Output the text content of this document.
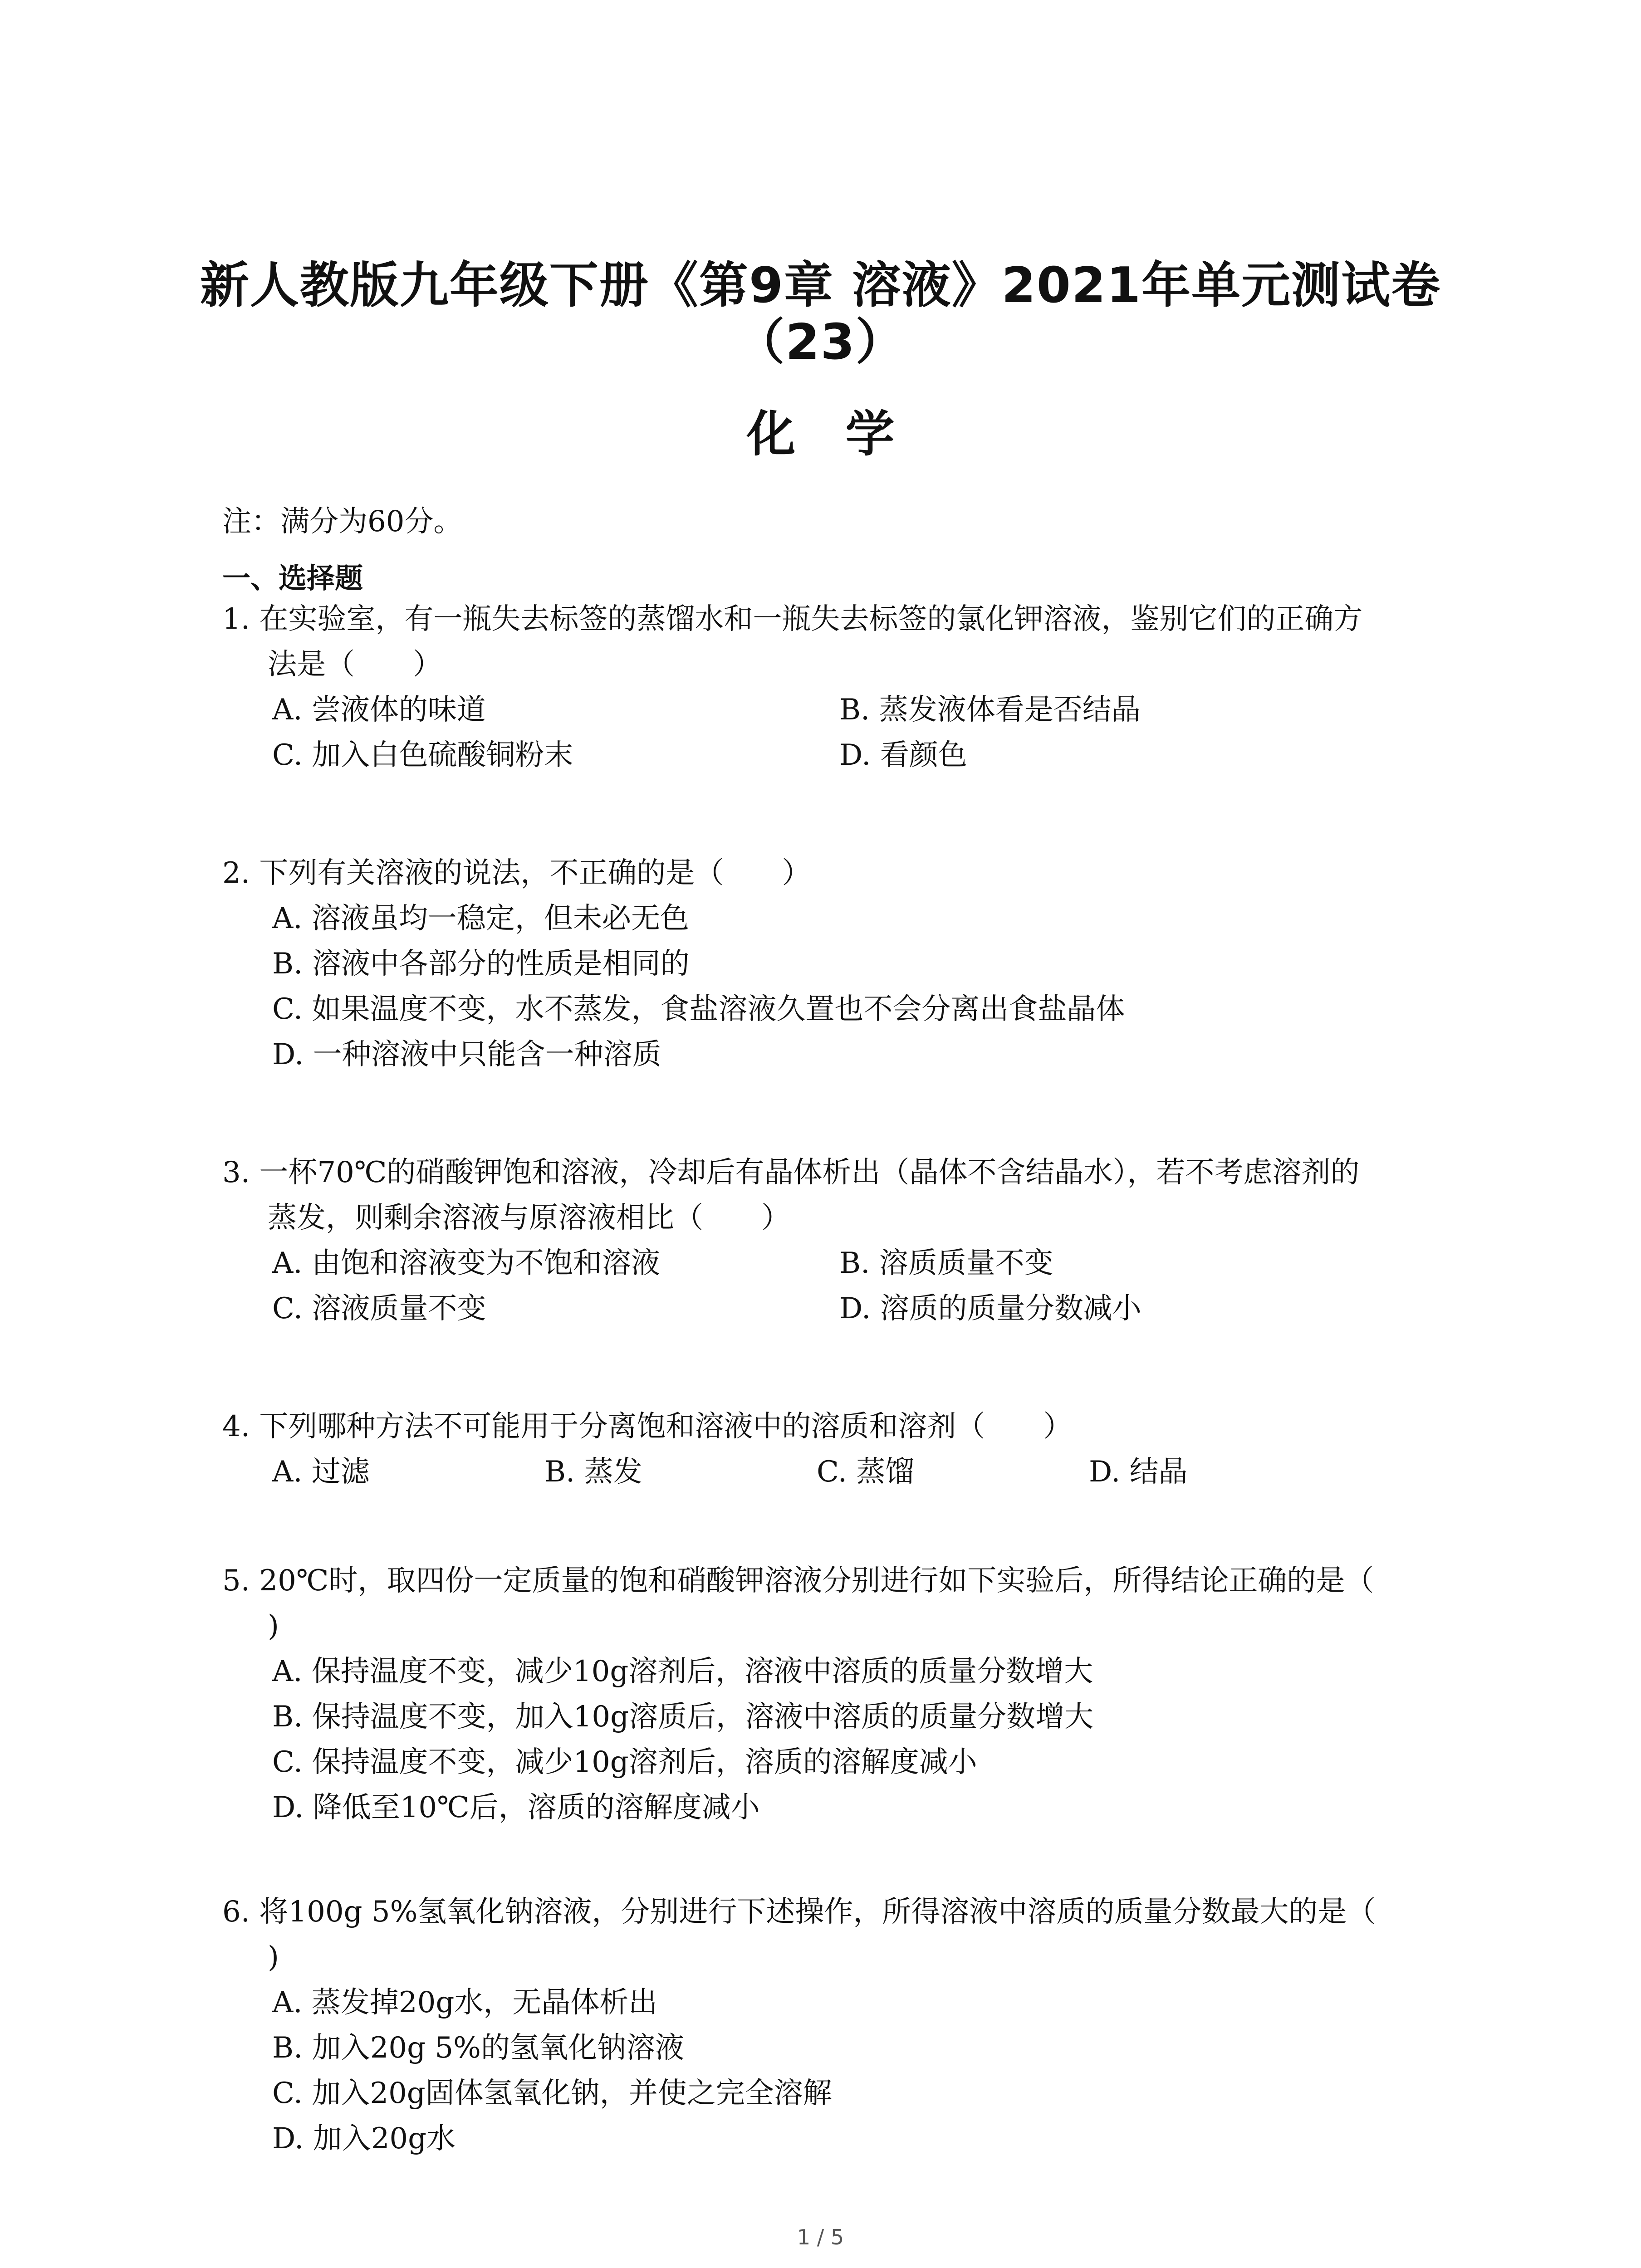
新人教版九年级下册《第9章 溶液》2021年单元测试卷
（23）
化学
注：满分为60分。
一、选择题
1. 在实验室，有一瓶失去标签的蒸馏水和一瓶失去标签的氯化钾溶液，鉴别它们的正确方
法是（　　）
A. 尝液体的味道	B. 蒸发液体看是否结晶
C. 加入白色硫酸铜粉末	D. 看颜色
2. 下列有关溶液的说法，不正确的是（　　）
A. 溶液虽均一稳定，但未必无色
B. 溶液中各部分的性质是相同的
C. 如果温度不变，水不蒸发，食盐溶液久置也不会分离出食盐晶体
D. 一种溶液中只能含一种溶质
3. 一杯70℃的硝酸钾饱和溶液，冷却后有晶体析出（晶体不含结晶水），若不考虑溶剂的
蒸发，则剩余溶液与原溶液相比（　　）
A. 由饱和溶液变为不饱和溶液	B. 溶质质量不变
C. 溶液质量不变	D. 溶质的质量分数减小
4. 下列哪种方法不可能用于分离饱和溶液中的溶质和溶剂（　　）
A. 过滤	B. 蒸发	C. 蒸馏	D. 结晶
5. 20℃时，取四份一定质量的饱和硝酸钾溶液分别进行如下实验后，所得结论正确的是（
)
A. 保持温度不变，减少10g溶剂后，溶液中溶质的质量分数增大
B. 保持温度不变，加入10g溶质后，溶液中溶质的质量分数增大
C. 保持温度不变，减少10g溶剂后，溶质的溶解度减小
D. 降低至10℃后，溶质的溶解度减小
6. 将100g 5%氢氧化钠溶液，分别进行下述操作，所得溶液中溶质的质量分数最大的是（
)
A. 蒸发掉20g水，无晶体析出
B. 加入20g 5%的氢氧化钠溶液
C. 加入20g固体氢氧化钠，并使之完全溶解
D. 加入20g水
1 / 5
